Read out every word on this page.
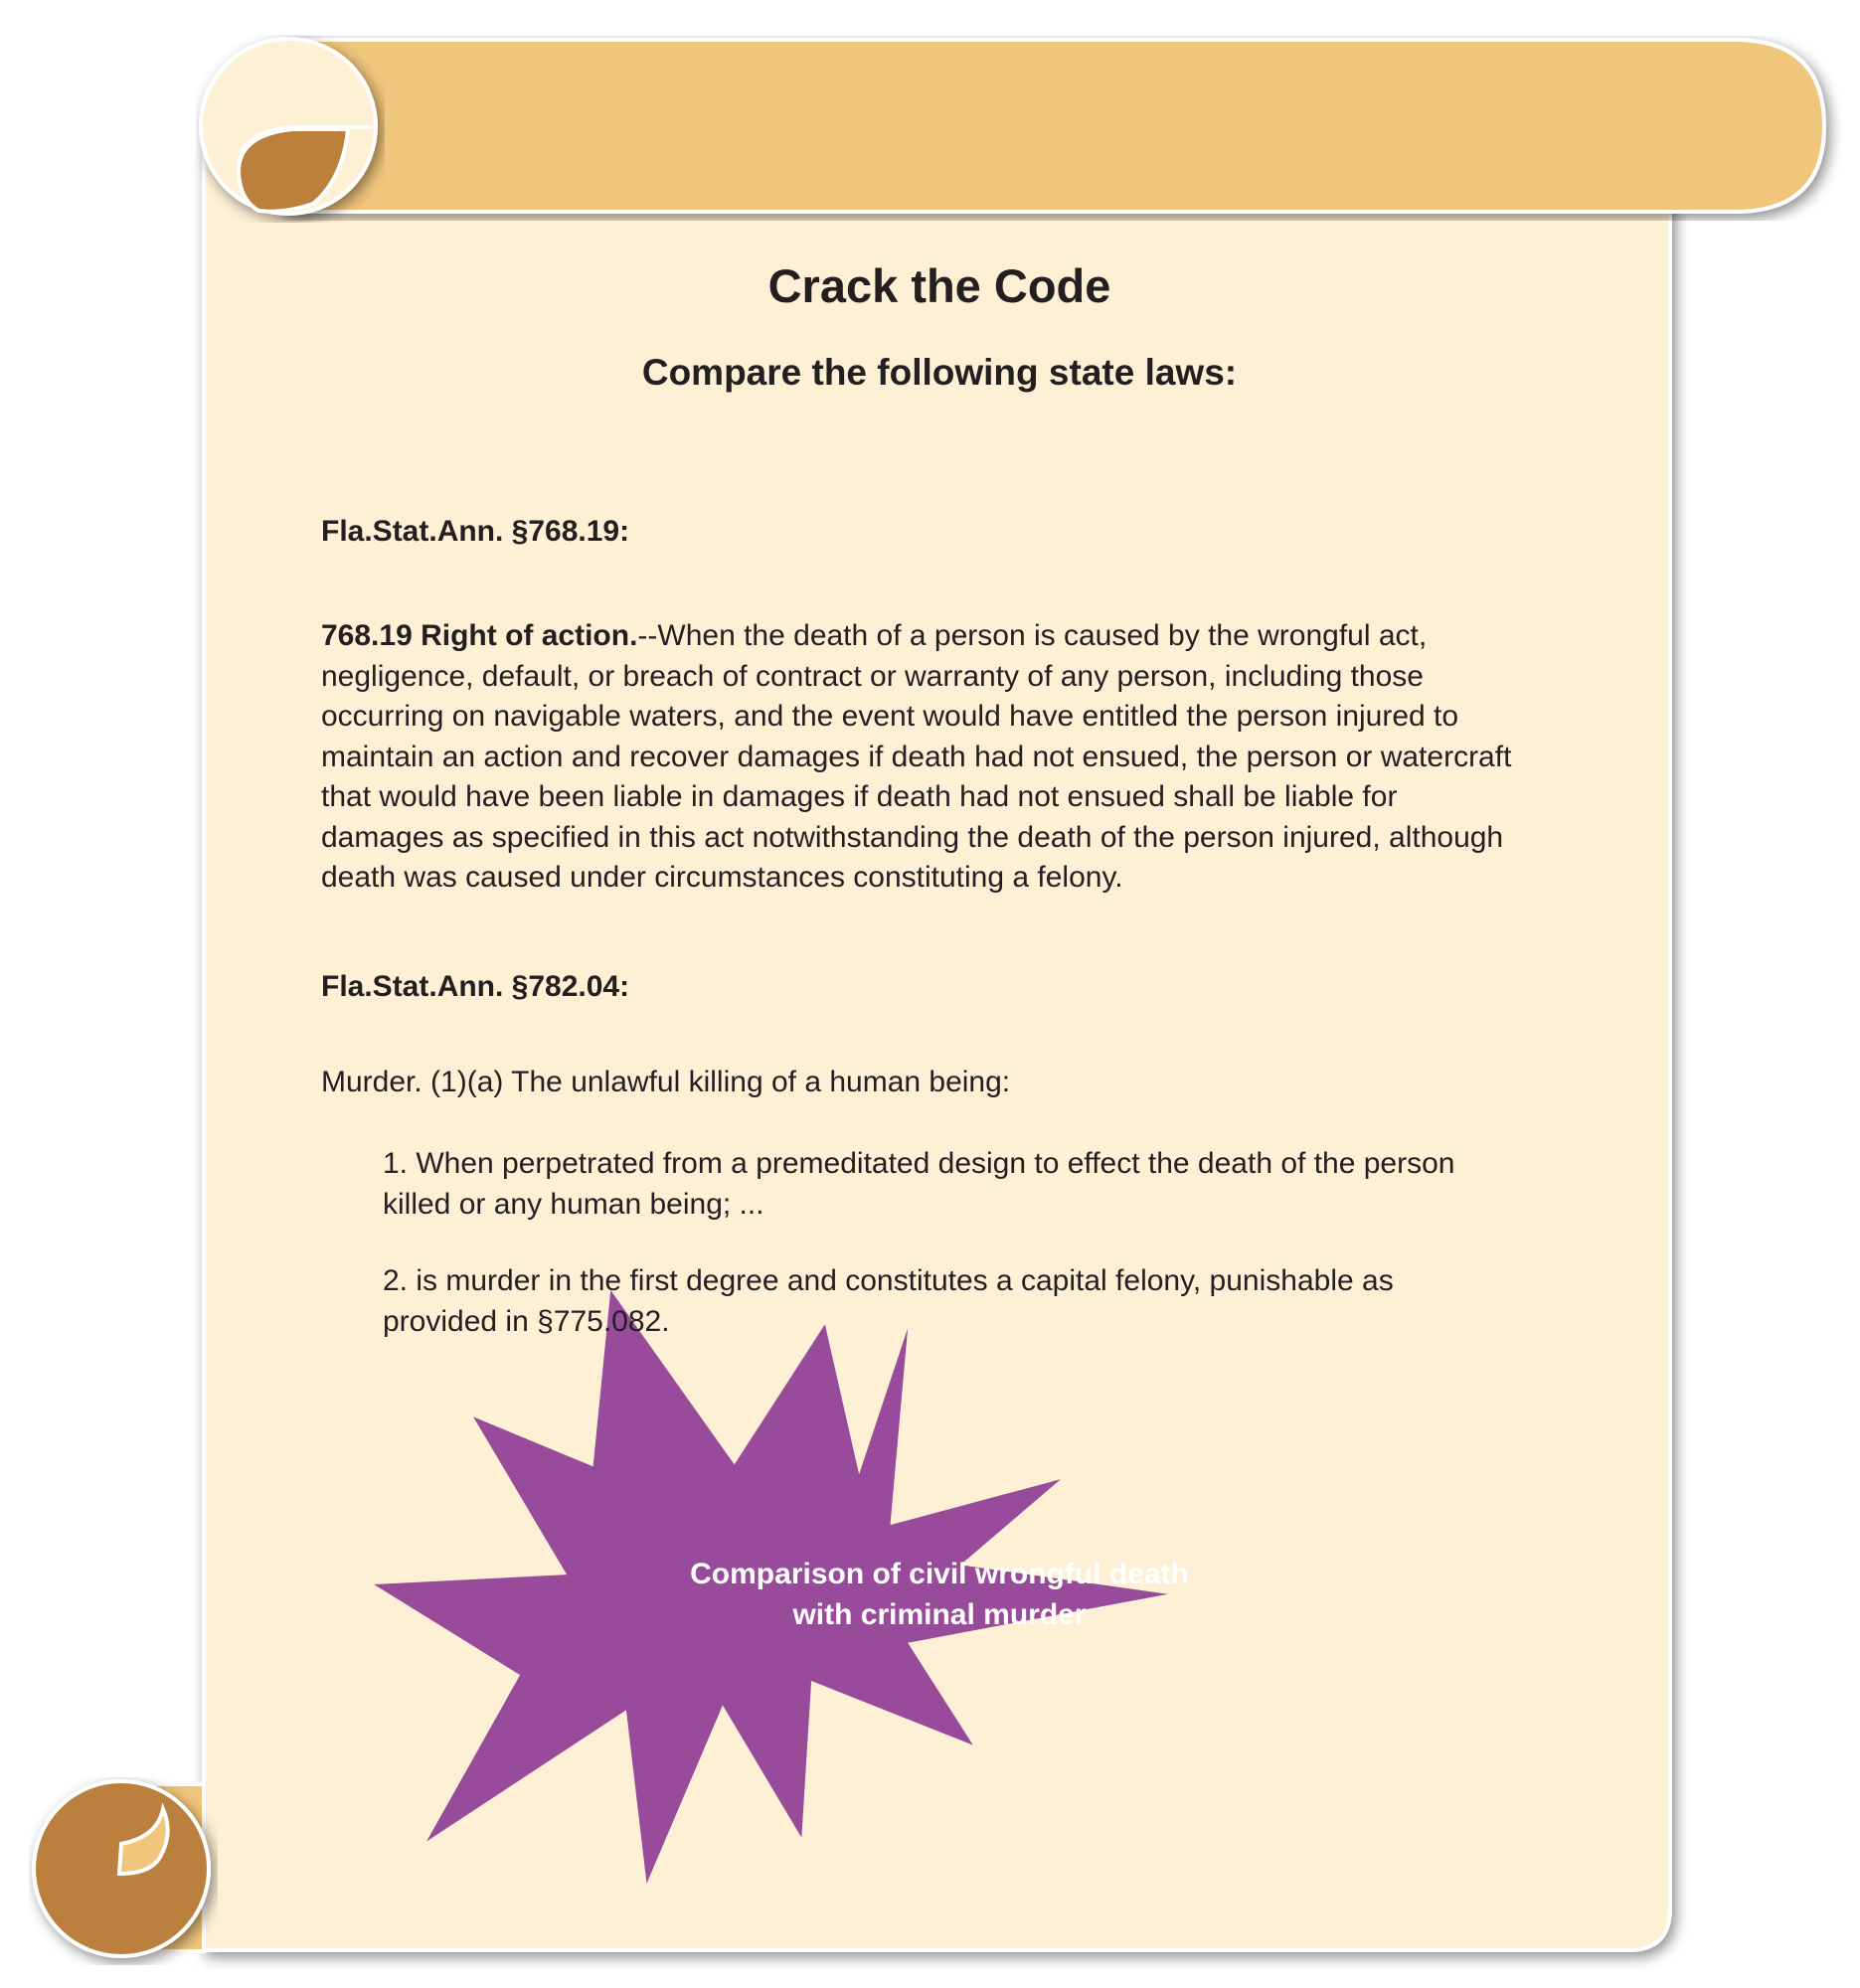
Crack the Code
Compare the following state laws:
Fla.Stat.Ann. §768.19:

768.19 Right of action.--When the death of a person is caused by the wrongful act, negligence, default, or breach of contract or warranty of any person, including those occurring on navigable waters, and the event would have entitled the person injured to maintain an action and recover damages if death had not ensued, the person or watercraft that would have been liable in damages if death had not ensued shall be liable for damages as specified in this act notwithstanding the death of the person injured, although death was caused under circumstances constituting a felony.

Fla.Stat.Ann. §782.04:

Murder. (1)(a) The unlawful killing of a human being:

1. When perpetrated from a premeditated design to effect the death of the person killed or any human being; ...

2. is murder in the first degree and constitutes a capital felony, punishable as provided in §775.082.

Comparison of civil wrongful death
with criminal murder
